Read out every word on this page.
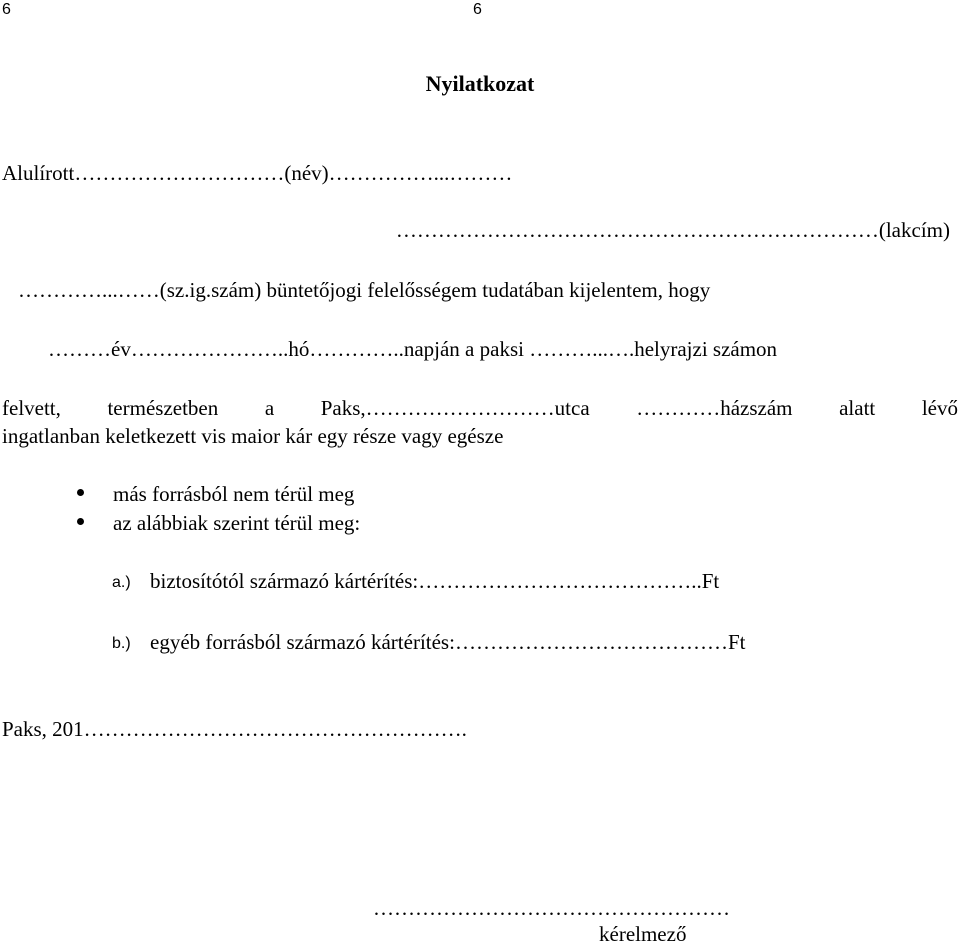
6	6
Nyilatkozat
Alulírott…………………………(név)……………...………
……………………………………………………………(lakcím)
…………...……(sz.ig.szám) büntetőjogi felelősségem tudatában kijelentem, hogy
………év…………………..hó…………..napján a paksi ………...….helyrajzi számon
felvett, természetben a Paks,………………………utca …………házszám alatt lévő
ingatlanban keletkezett vis maior kár egy része vagy egésze
más forrásból nem térül meg
az alábbiak szerint térül meg:
a.) biztosítótól származó kártérítés:…………………………………..Ft
b.) egyéb forrásból származó kártérítés:…………………………………Ft
Paks, 201……………………………………………….
……………………………………………
kérelmező
